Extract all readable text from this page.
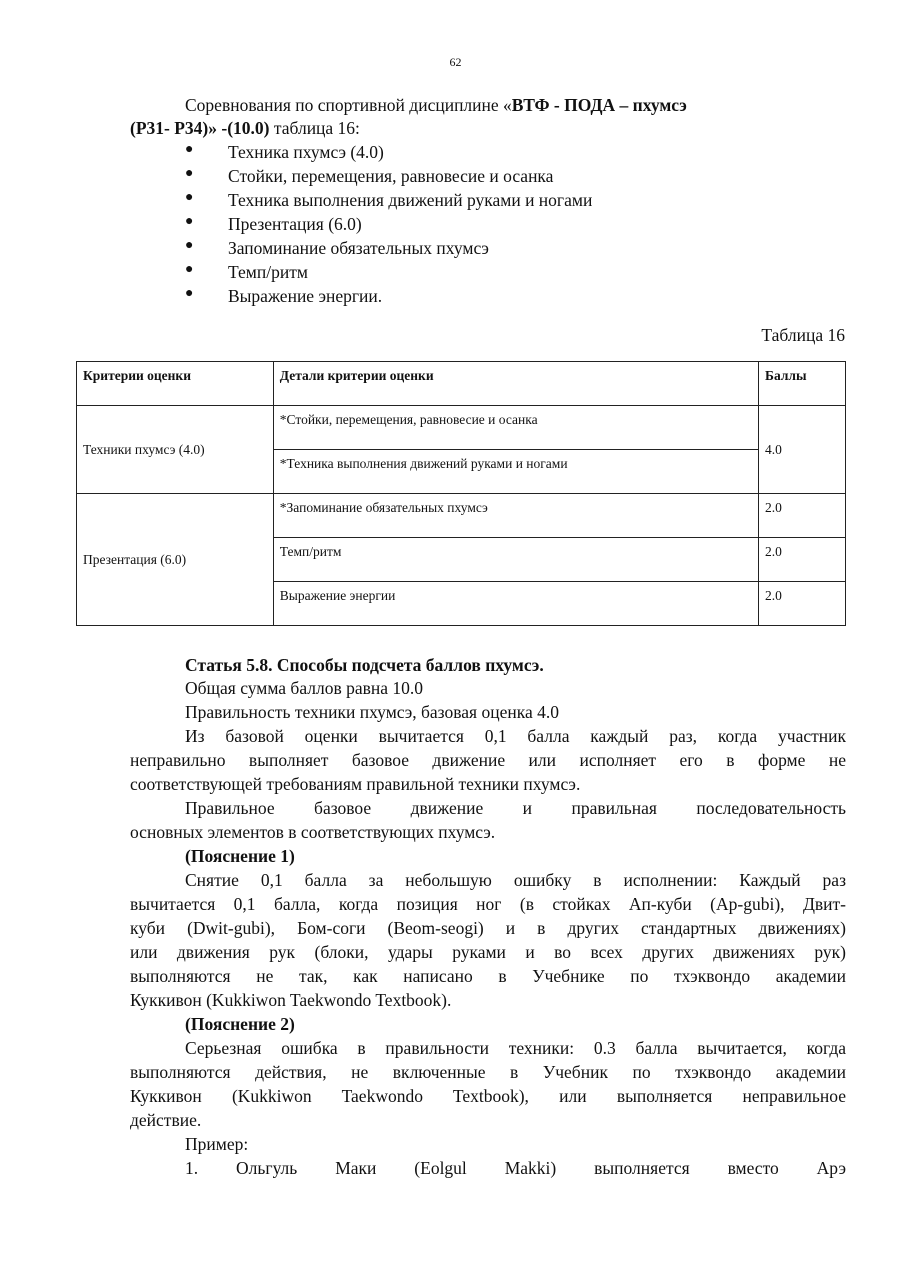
62
Соревнования по спортивной дисциплине «ВТФ - ПОДА – пхумсэ
(P31- P34)» -(10.0) таблица 16:
● Техника пхумсэ (4.0)
● Стойки, перемещения, равновесие и осанка
● Техника выполнения движений руками и ногами
● Презентация (6.0)
● Запоминание обязательных пхумсэ
● Темп/ритм
● Выражение энергии.
Таблица 16
Критерии оценки	Детали критерии оценки	Баллы
Техники пхумсэ (4.0)	*Стойки, перемещения, равновесие и осанка	4.0
	*Техника выполнения движений руками и ногами	
Презентация (6.0)	*Запоминание обязательных пхумсэ	2.0
	Темп/ритм	2.0
	Выражение энергии	2.0
Статья 5.8. Способы подсчета баллов пхумсэ.
Общая сумма баллов равна 10.0
Правильность техники пхумсэ, базовая оценка 4.0
Из базовой оценки вычитается 0,1 балла каждый раз, когда участник
неправильно выполняет базовое движение или исполняет его в форме не
соответствующей требованиям правильной техники пхумсэ.
Правильное базовое движение и правильная последовательность
основных элементов в соответствующих пхумсэ.
(Пояснение 1)
Снятие 0,1 балла за небольшую ошибку в исполнении: Каждый раз
вычитается 0,1 балла, когда позиция ног (в стойках Ап-куби (Ap-gubi), Двит-
куби (Dwit-gubi), Бом-соги (Beom-seogi) и в других стандартных движениях)
или движения рук (блоки, удары руками и во всех других движениях рук)
выполняются не так, как написано в Учебнике по тхэквондо академии
Куккивон (Kukkiwon Taekwondo Textbook).
(Пояснение 2)
Серьезная ошибка в правильности техники: 0.3 балла вычитается, когда
выполняются действия, не включенные в Учебник по тхэквондо академии
Куккивон (Kukkiwon Taekwondo Textbook), или выполняется неправильное
действие.
Пример:
1. Ольгуль Маки (Eolgul Makki) выполняется вместо Арэ
